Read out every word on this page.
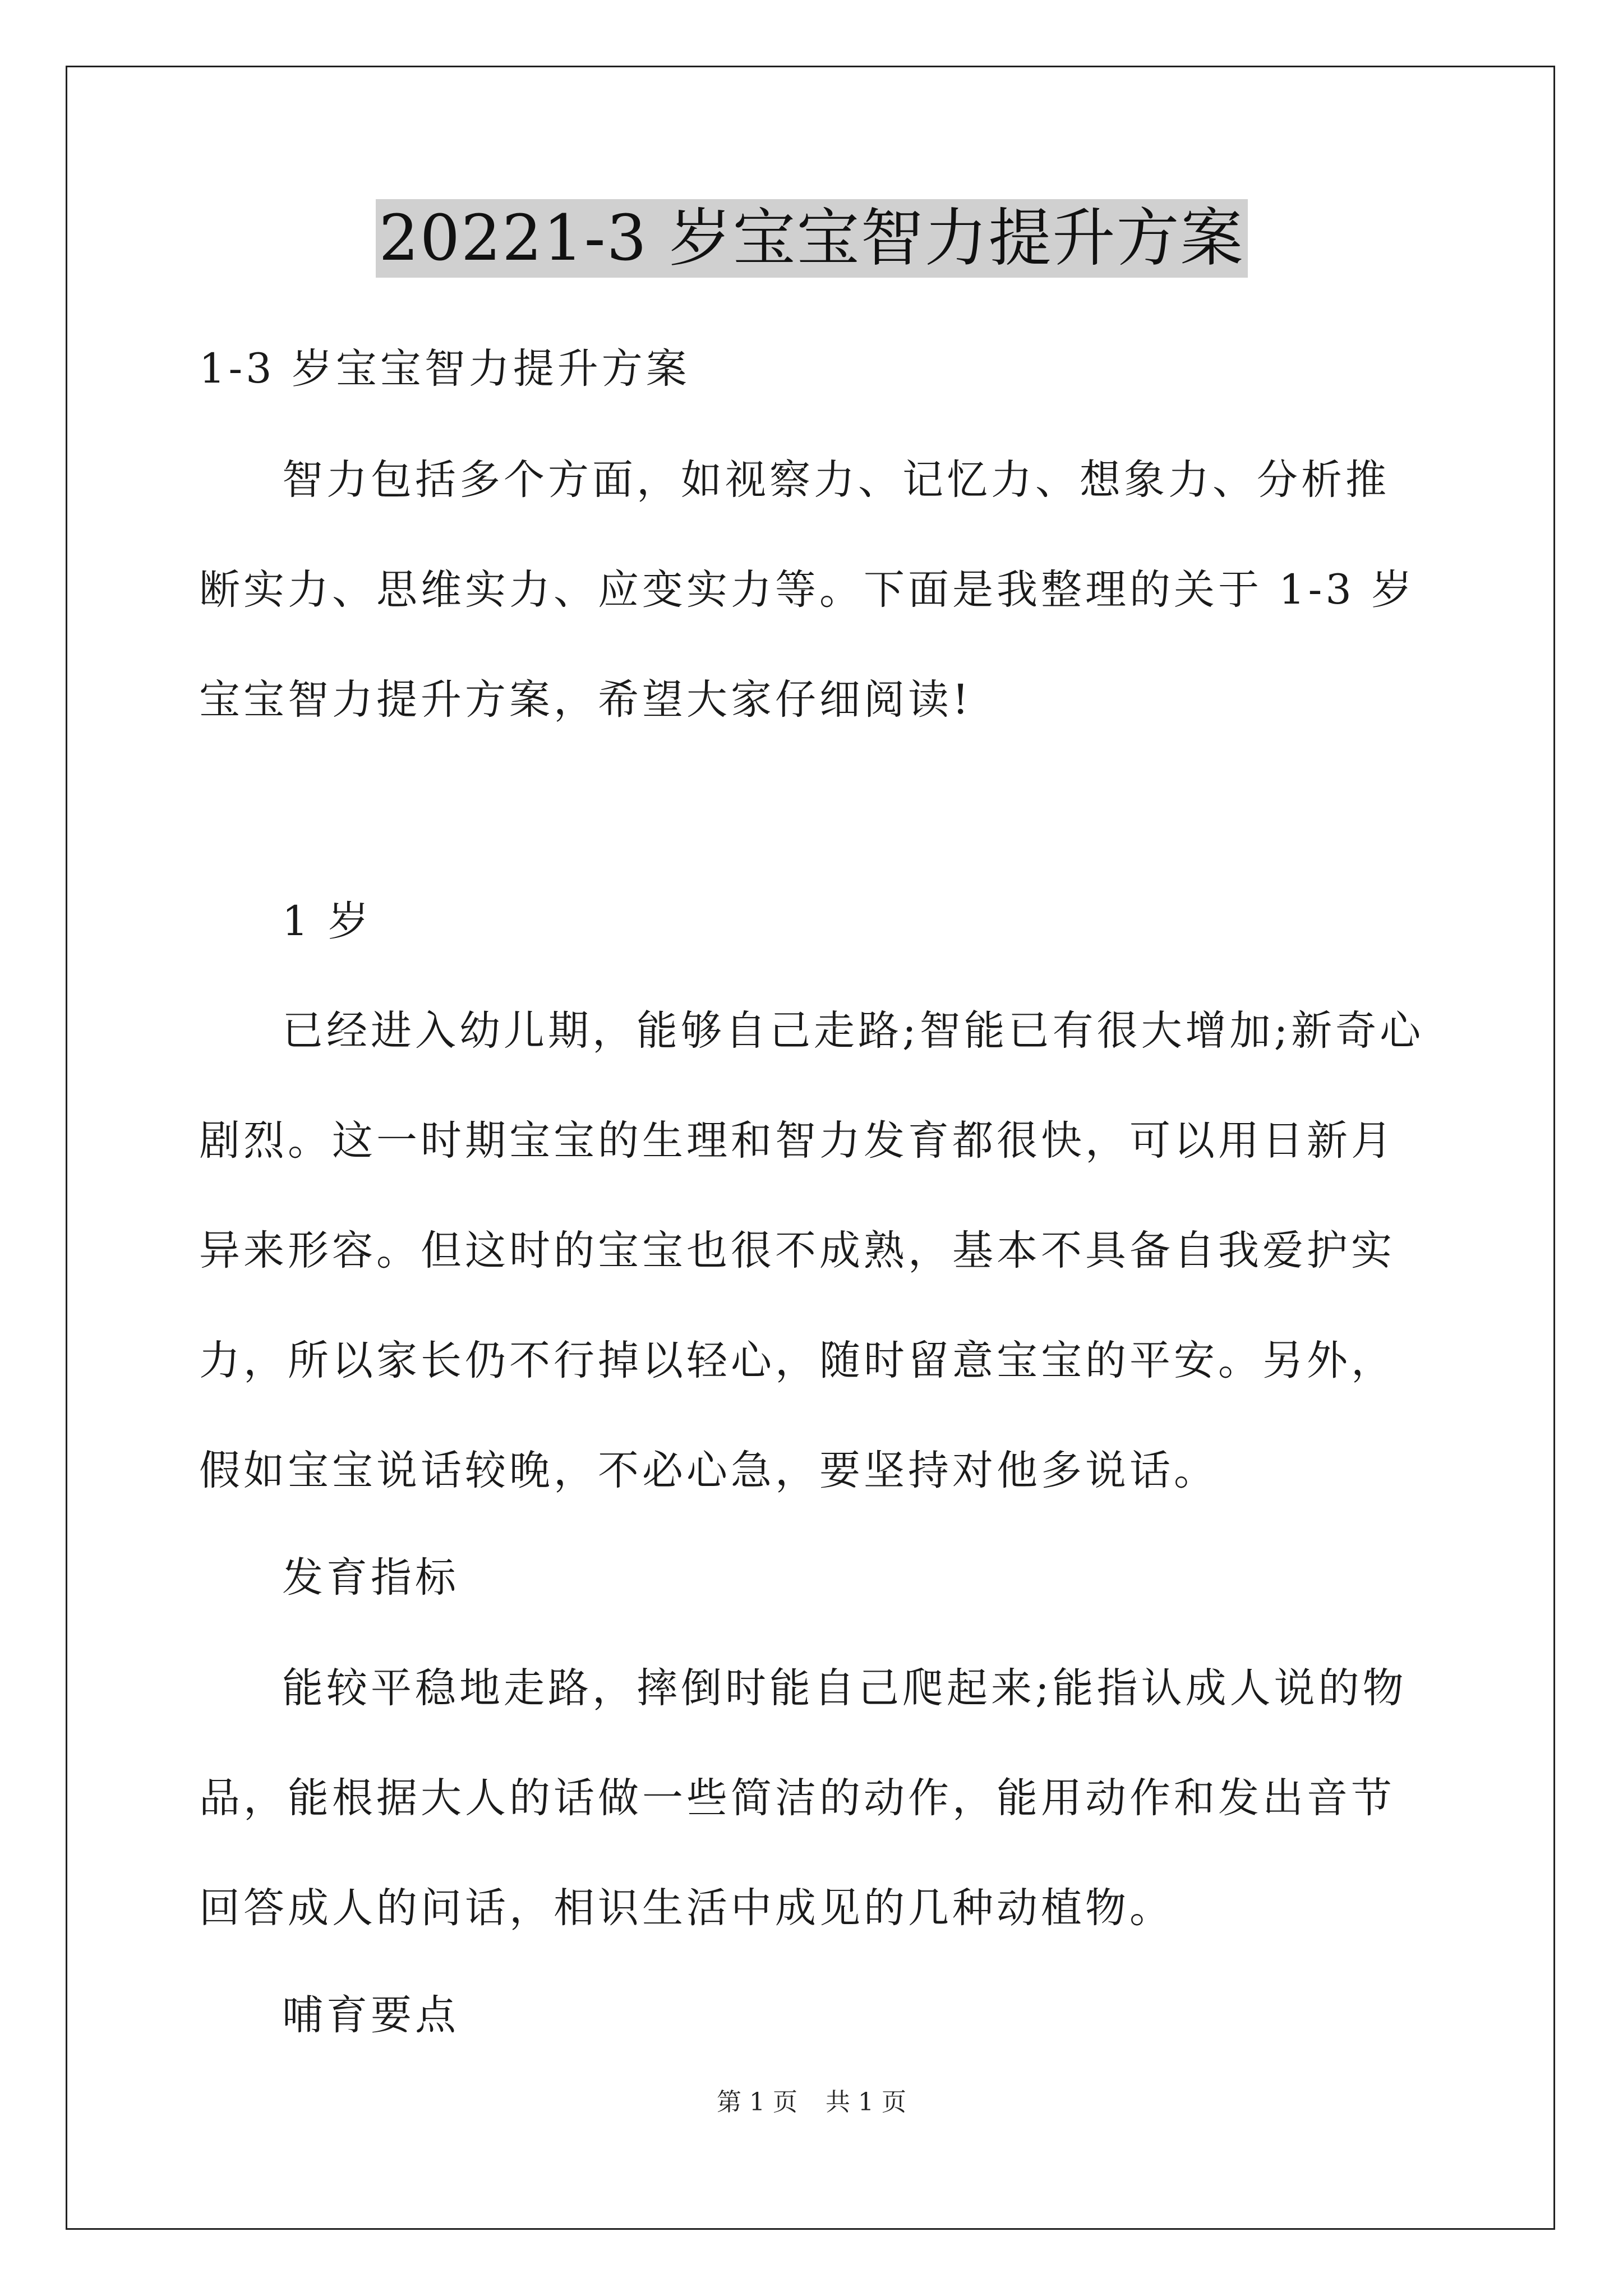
20221-3 岁宝宝智力提升方案

1-3 岁宝宝智力提升方案

智力包括多个方面，如视察力、记忆力、想象力、分析推断实力、思维实力、应变实力等。下面是我整理的关于 1-3 岁宝宝智力提升方案，希望大家仔细阅读!

1 岁

已经进入幼儿期，能够自己走路;智能已有很大增加;新奇心剧烈。这一时期宝宝的生理和智力发育都很快，可以用日新月异来形容。但这时的宝宝也很不成熟，基本不具备自我爱护实力，所以家长仍不行掉以轻心，随时留意宝宝的平安。另外，假如宝宝说话较晚，不必心急，要坚持对他多说话。

发育指标

能较平稳地走路，摔倒时能自己爬起来;能指认成人说的物品，能根据大人的话做一些简洁的动作，能用动作和发出音节回答成人的问话，相识生活中成见的几种动植物。

哺育要点

第 1 页 共 1 页
